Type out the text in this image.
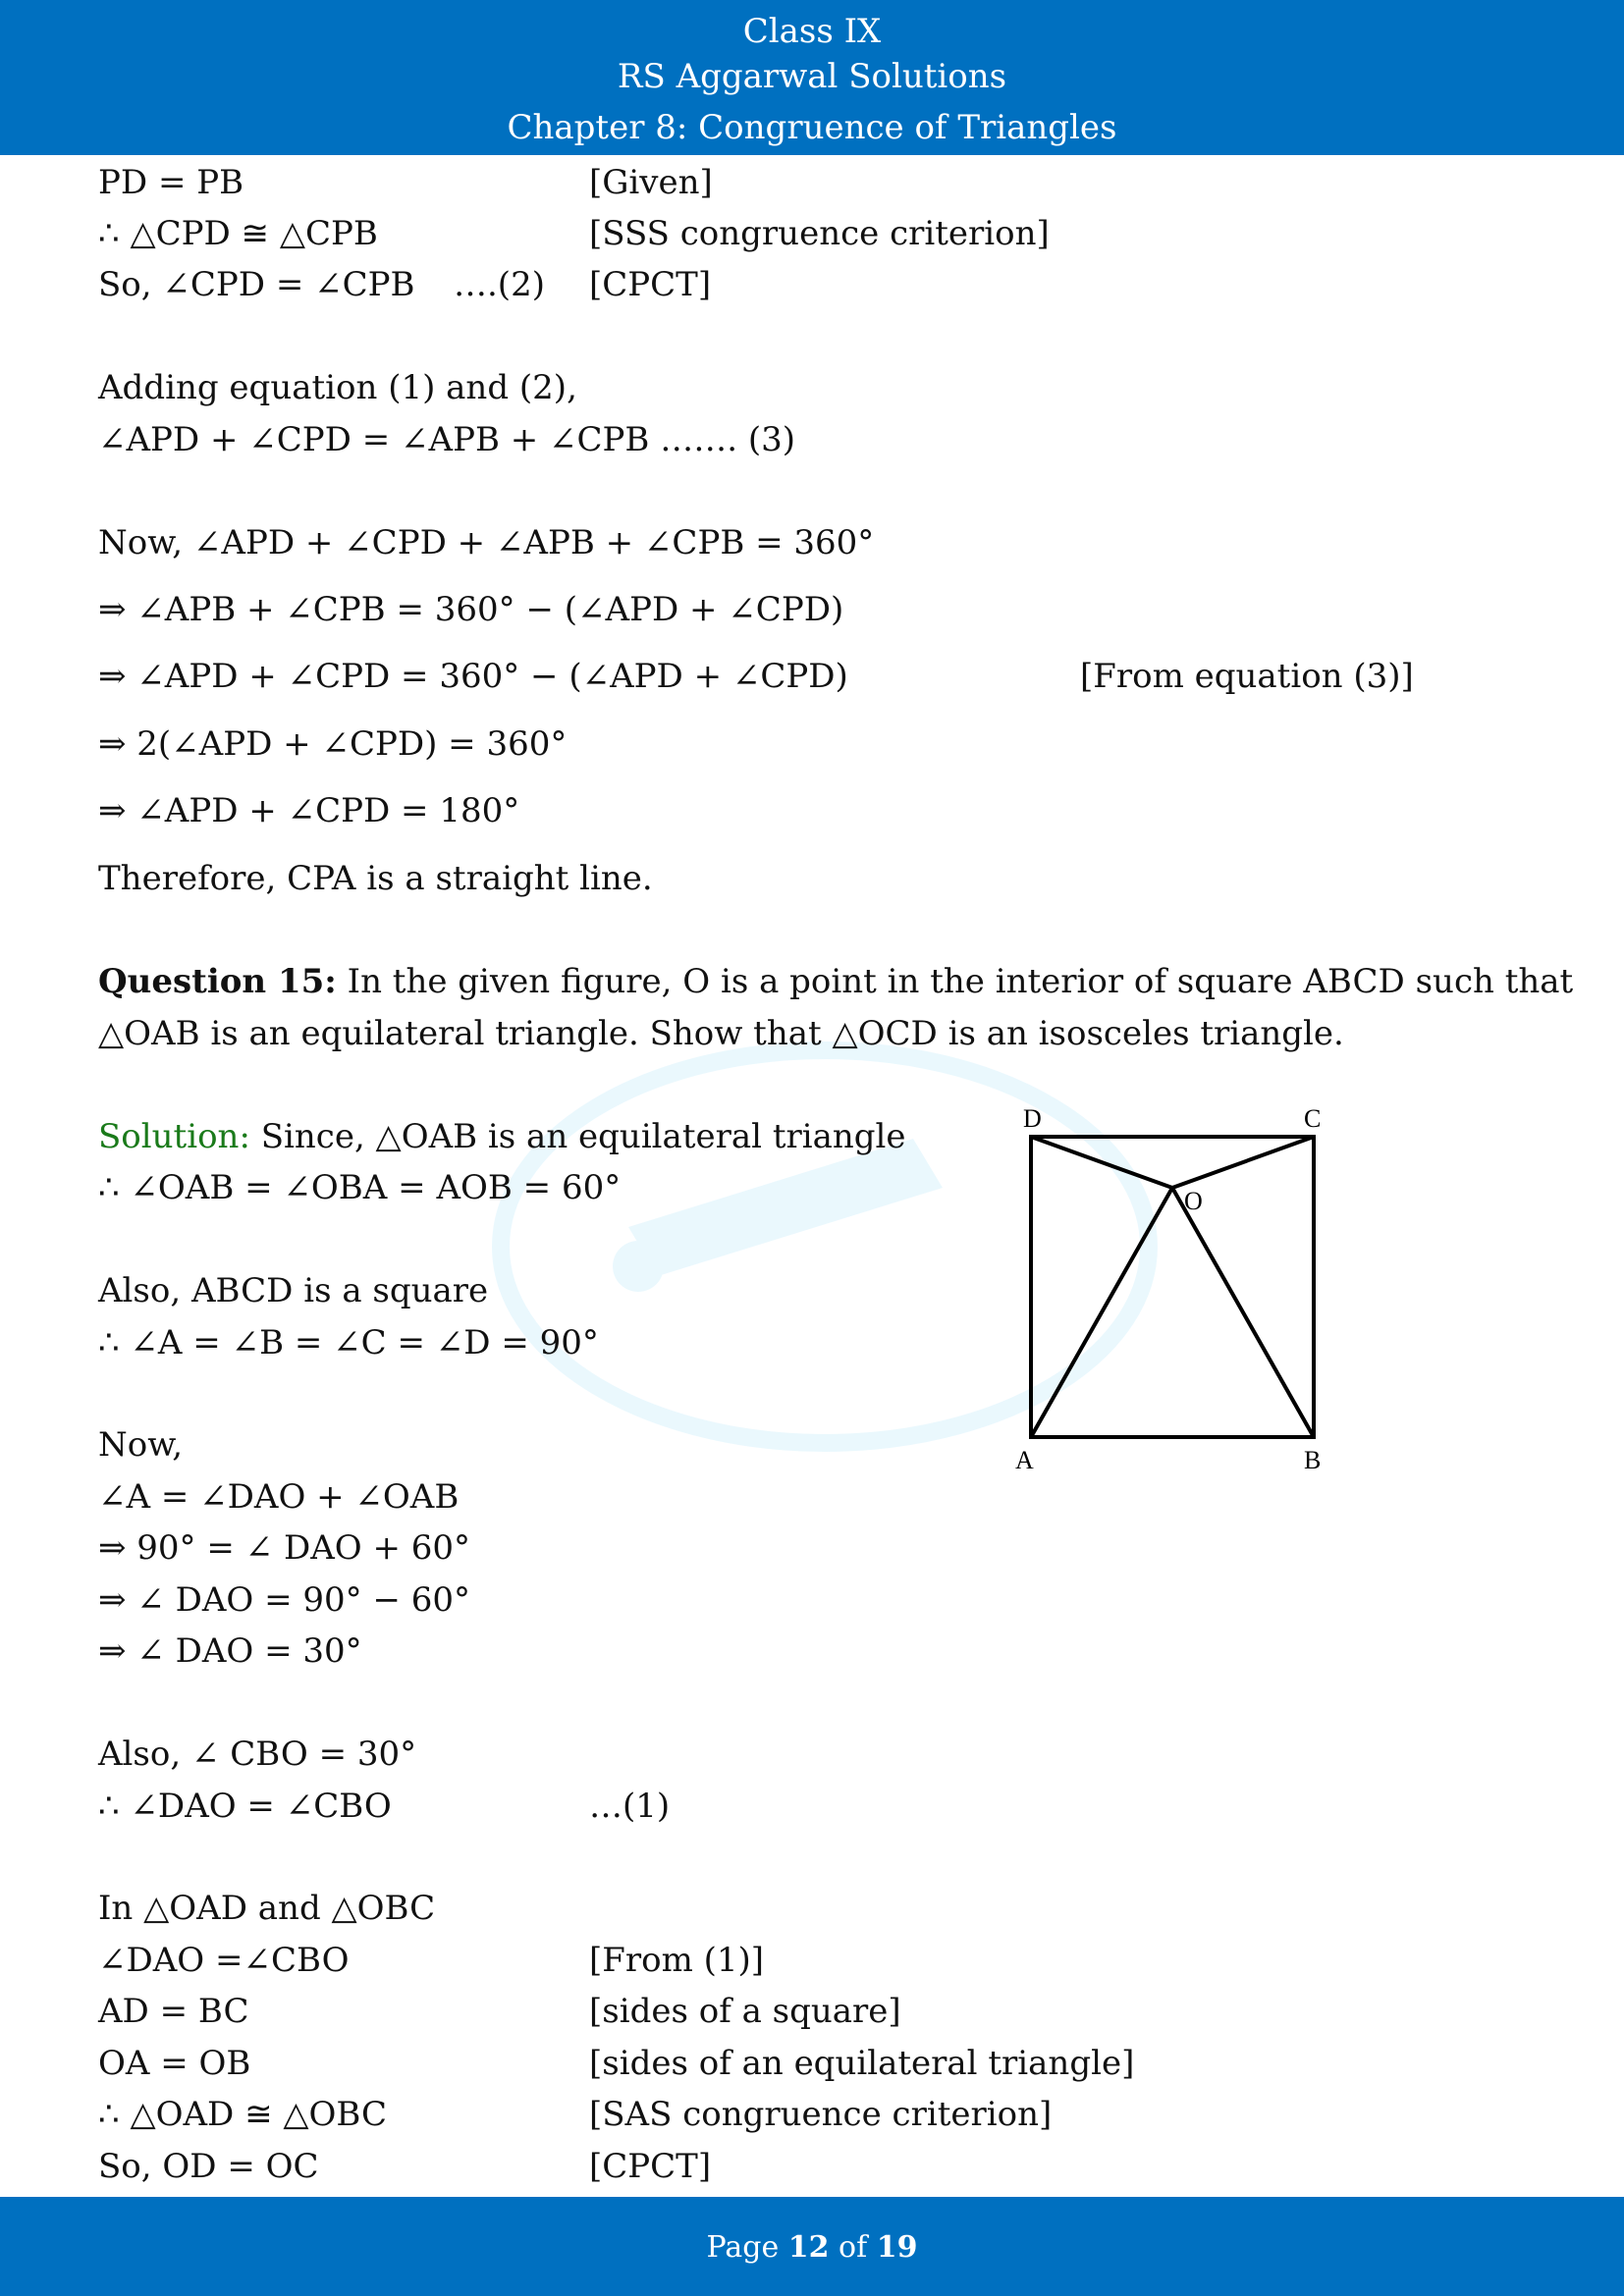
Class IX
RS Aggarwal Solutions
Chapter 8: Congruence of Triangles
PD = PB	[Given]
∴ △CPD ≅ △CPB	[SSS congruence criterion]
So, ∠CPD = ∠CPB ….(2) [CPCT]
Adding equation (1) and (2),
∠APD + ∠CPD = ∠APB + ∠CPB ……. (3)
Now, ∠APD + ∠CPD + ∠APB + ∠CPB = 360°
⇒ ∠APB + ∠CPB = 360° − (∠APD + ∠CPD)
⇒ ∠APD + ∠CPD = 360° − (∠APD + ∠CPD)	[From equation (3)]
⇒ 2(∠APD + ∠CPD) = 360°
⇒ ∠APD + ∠CPD = 180°
Therefore, CPA is a straight line.
Question 15: In the given figure, O is a point in the interior of square ABCD such that
△OAB is an equilateral triangle. Show that △OCD is an isosceles triangle.
Solution: Since, △OAB is an equilateral triangle
∴ ∠OAB = ∠OBA = AOB = 60°
Also, ABCD is a square
∴ ∠A = ∠B = ∠C = ∠D = 90°
Now,
∠A = ∠DAO + ∠OAB
⇒ 90° = ∠ DAO + 60°
⇒ ∠ DAO = 90° − 60°
⇒ ∠ DAO = 30°
Also, ∠ CBO = 30°
∴ ∠DAO = ∠CBO	…(1)
In △OAD and △OBC
∠DAO =∠CBO	[From (1)]
AD = BC	[sides of a square]
OA = OB	[sides of an equilateral triangle]
∴ △OAD ≅ △OBC	[SAS congruence criterion]
So, OD = OC	[CPCT]
D	C
O
A	B
Page 12 of 19
